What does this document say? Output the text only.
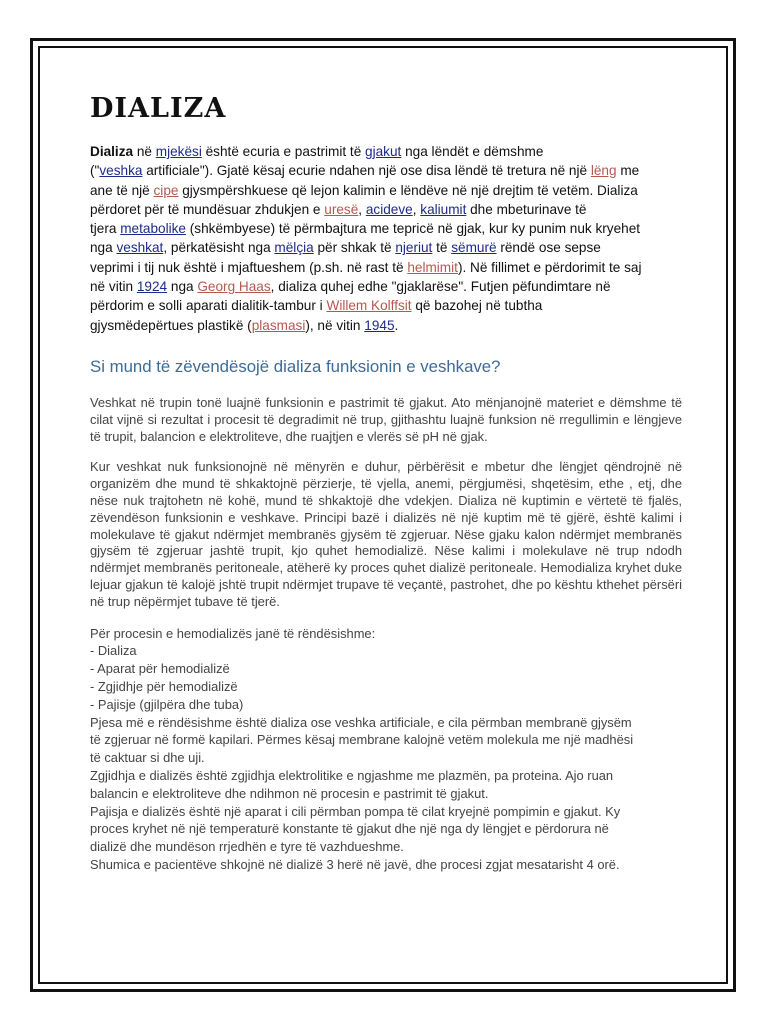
DIALIZA

Dializa në mjekësi është ecuria e pastrimit të gjakut nga lëndët e dëmshme
("veshka artificiale"). Gjatë kësaj ecurie ndahen një ose disa lëndë të tretura në një lëng me
ane të një cipe gjysmpërshkuese që lejon kalimin e lëndëve në një drejtim të vetëm. Dializa
përdoret për të mundësuar zhdukjen e uresë, acideve, kaliumit dhe mbeturinave të
tjera metabolike (shkëmbyese) të përmbajtura me tepricë në gjak, kur ky punim nuk kryehet
nga veshkat, përkatësisht nga mëlçia për shkak të njeriut të sëmurë rëndë ose sepse
veprimi i tij nuk është i mjaftueshem (p.sh. në rast të helmimit). Në fillimet e përdorimit te saj
në vitin 1924 nga Georg Haas, dializa quhej edhe "gjaklarëse". Futjen pëfundimtare në
përdorim e solli aparati dialitik-tambur i Willem Kolffsit që bazohej në tubtha
gjysmëdepërtues plastikë (plasmasi), në vitin 1945.

Si mund të zëvendësojë dializa funksionin e veshkave?

Veshkat në trupin tonë luajnë funksionin e pastrimit të gjakut. Ato mënjanojnë materiet e dëmshme të cilat vijnë si rezultat i procesit të degradimit në trup, gjithashtu luajnë funksion në rregullimin e lëngjeve të trupit, balancion e elektroliteve, dhe ruajtjen e vlerës së pH në gjak.

Kur veshkat nuk funksionojnë në mënyrën e duhur, përbërësit e mbetur dhe lëngjet qëndrojnë në organizëm dhe mund të shkaktojnë përzierje, të vjella, anemi, përgjumësi, shqetësim, ethe , etj, dhe nëse nuk trajtohetn në kohë, mund të shkaktojë dhe vdekjen. Dializa në kuptimin e vërtetë të fjalës, zëvendëson funksionin e veshkave. Principi bazë i dializës në një kuptim më të gjërë, është kalimi i molekulave të gjakut ndërmjet membranës gjysëm të zgjeruar. Nëse gjaku kalon ndërmjet membranës gjysëm të zgjeruar jashtë trupit, kjo quhet hemodializë. Nëse kalimi i molekulave në trup ndodh ndërmjet membranës peritoneale, atëherë ky proces quhet dializë peritoneale. Hemodializa kryhet duke lejuar gjakun të kalojë jshtë trupit ndërmjet trupave të veçantë, pastrohet, dhe po kështu kthehet përsëri në trup nëpërmjet tubave të tjerë.

Për procesin e hemodializës janë të rëndësishme:
- Dializa
- Aparat për hemodializë
- Zgjidhje për hemodializë
- Pajisje (gjilpëra dhe tuba)
Pjesa më e rëndësishme është dializa ose veshka artificiale, e cila përmban membranë gjysëm
të zgjeruar në formë kapilari. Përmes kësaj membrane kalojnë vetëm molekula me një madhësi
të caktuar si dhe uji.
Zgjidhja e dializës është zgjidhja elektrolitike e ngjashme me plazmën, pa proteina. Ajo ruan
balancin e elektroliteve dhe ndihmon në procesin e pastrimit të gjakut.
Pajisja e dializës është një aparat i cili përmban pompa të cilat kryejnë pompimin e gjakut. Ky
proces kryhet në një temperaturë konstante të gjakut dhe një nga dy lëngjet e përdorura në
dializë dhe mundëson rrjedhën e tyre të vazhdueshme.
Shumica e pacientëve shkojnë në dializë 3 herë në javë, dhe procesi zgjat mesatarisht 4 orë.
